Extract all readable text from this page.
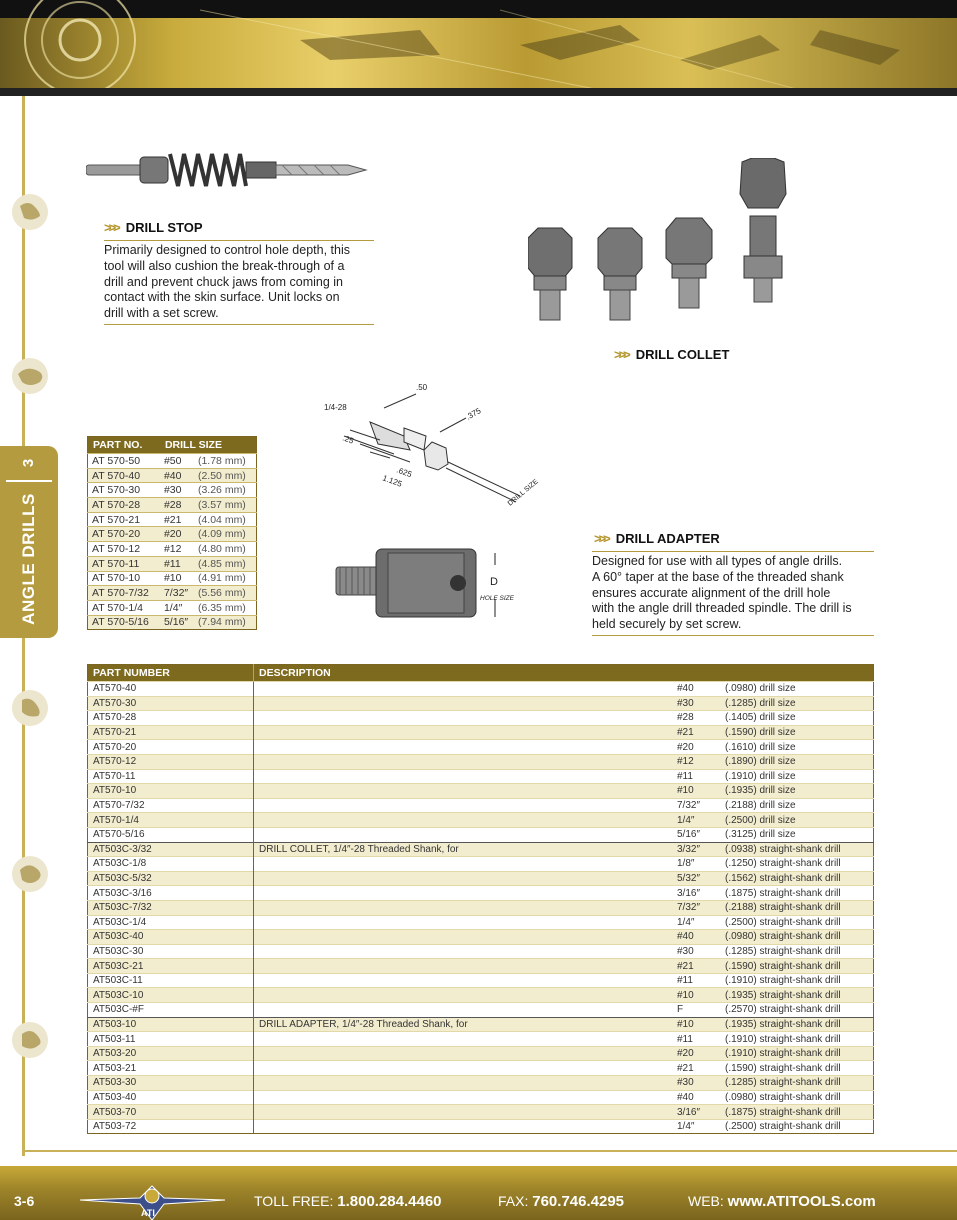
3
ANGLE DRILLS
>>> DRILL STOP
Primarily designed to control hole depth, this
tool will also cushion the break-through of a
drill and prevent chuck jaws from coming in
contact with the skin surface. Unit locks on
drill with a set screw.
>>> DRILL COLLET
1/4-28
.50
.375
.25
.625
1.125	DRILL SIZE
D
HOLE SIZE
>>> DRILL ADAPTER
Designed for use with all types of angle drills.
A 60° taper at the base of the threaded shank
ensures accurate alignment of the drill hole
with the angle drill threaded spindle. The drill is
held securely by set screw.
PART NO.	DRILL SIZE	
AT 570-50	#50	(1.78 mm)
AT 570-40	#40	(2.50 mm)
AT 570-30	#30	(3.26 mm)
AT 570-28	#28	(3.57 mm)
AT 570-21	#21	(4.04 mm)
AT 570-20	#20	(4.09 mm)
AT 570-12	#12	(4.80 mm)
AT 570-11	#11	(4.85 mm)
AT 570-10	#10	(4.91 mm)
AT 570-7/32	7/32″	(5.56 mm)
AT 570-1/4	1/4″	(6.35 mm)
AT 570-5/16	5/16″	(7.94 mm)
PART NUMBER	DESCRIPTION		
AT570-40		#40	(.0980) drill size
AT570-30		#30	(.1285) drill size
AT570-28		#28	(.1405) drill size
AT570-21		#21	(.1590) drill size
AT570-20		#20	(.1610) drill size
AT570-12		#12	(.1890) drill size
AT570-11		#11	(.1910) drill size
AT570-10		#10	(.1935) drill size
AT570-7/32		7/32″	(.2188) drill size
AT570-1/4		1/4″	(.2500) drill size
AT570-5/16		5/16″	(.3125) drill size
AT503C-3/32	DRILL COLLET, 1/4″-28 Threaded Shank, for	3/32″	(.0938) straight-shank drill
AT503C-1/8		1/8″	(.1250) straight-shank drill
AT503C-5/32		5/32″	(.1562) straight-shank drill
AT503C-3/16		3/16″	(.1875) straight-shank drill
AT503C-7/32		7/32″	(.2188) straight-shank drill
AT503C-1/4		1/4″	(.2500) straight-shank drill
AT503C-40		#40	(.0980) straight-shank drill
AT503C-30		#30	(.1285) straight-shank drill
AT503C-21		#21	(.1590) straight-shank drill
AT503C-11		#11	(.1910) straight-shank drill
AT503C-10		#10	(.1935) straight-shank drill
AT503C-#F		F	(.2570) straight-shank drill
AT503-10	DRILL ADAPTER, 1/4″-28 Threaded Shank, for	#10	(.1935) straight-shank drill
AT503-11		#11	(.1910) straight-shank drill
AT503-20		#20	(.1910) straight-shank drill
AT503-21		#21	(.1590) straight-shank drill
AT503-30		#30	(.1285) straight-shank drill
AT503-40		#40	(.0980) straight-shank drill
AT503-70		3/16″	(.1875) straight-shank drill
AT503-72		1/4″	(.2500) straight-shank drill
3-6
ATI
TOLL FREE: 1.800.284.4460	FAX: 760.746.4295	WEB: www.ATITOOLS.com
